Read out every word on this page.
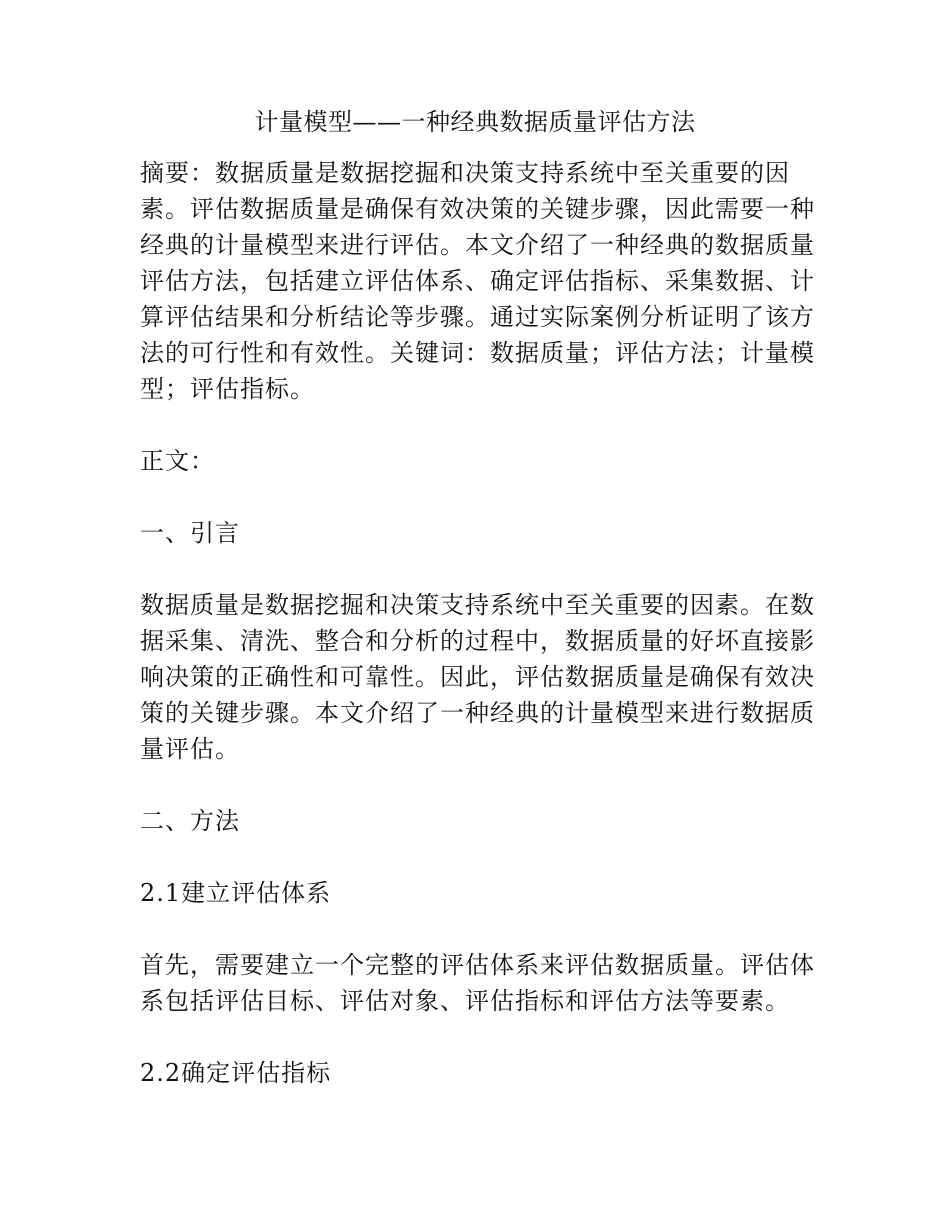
计量模型——一种经典数据质量评估方法

摘要：数据质量是数据挖掘和决策支持系统中至关重要的因素。评估数据质量是确保有效决策的关键步骤，因此需要一种经典的计量模型来进行评估。本文介绍了一种经典的数据质量评估方法，包括建立评估体系、确定评估指标、采集数据、计算评估结果和分析结论等步骤。通过实际案例分析证明了该方法的可行性和有效性。关键词：数据质量；评估方法；计量模型；评估指标。

正文：

一、引言

数据质量是数据挖掘和决策支持系统中至关重要的因素。在数据采集、清洗、整合和分析的过程中，数据质量的好坏直接影响决策的正确性和可靠性。因此，评估数据质量是确保有效决策的关键步骤。本文介绍了一种经典的计量模型来进行数据质量评估。

二、方法

2.1建立评估体系

首先，需要建立一个完整的评估体系来评估数据质量。评估体系包括评估目标、评估对象、评估指标和评估方法等要素。

2.2确定评估指标
